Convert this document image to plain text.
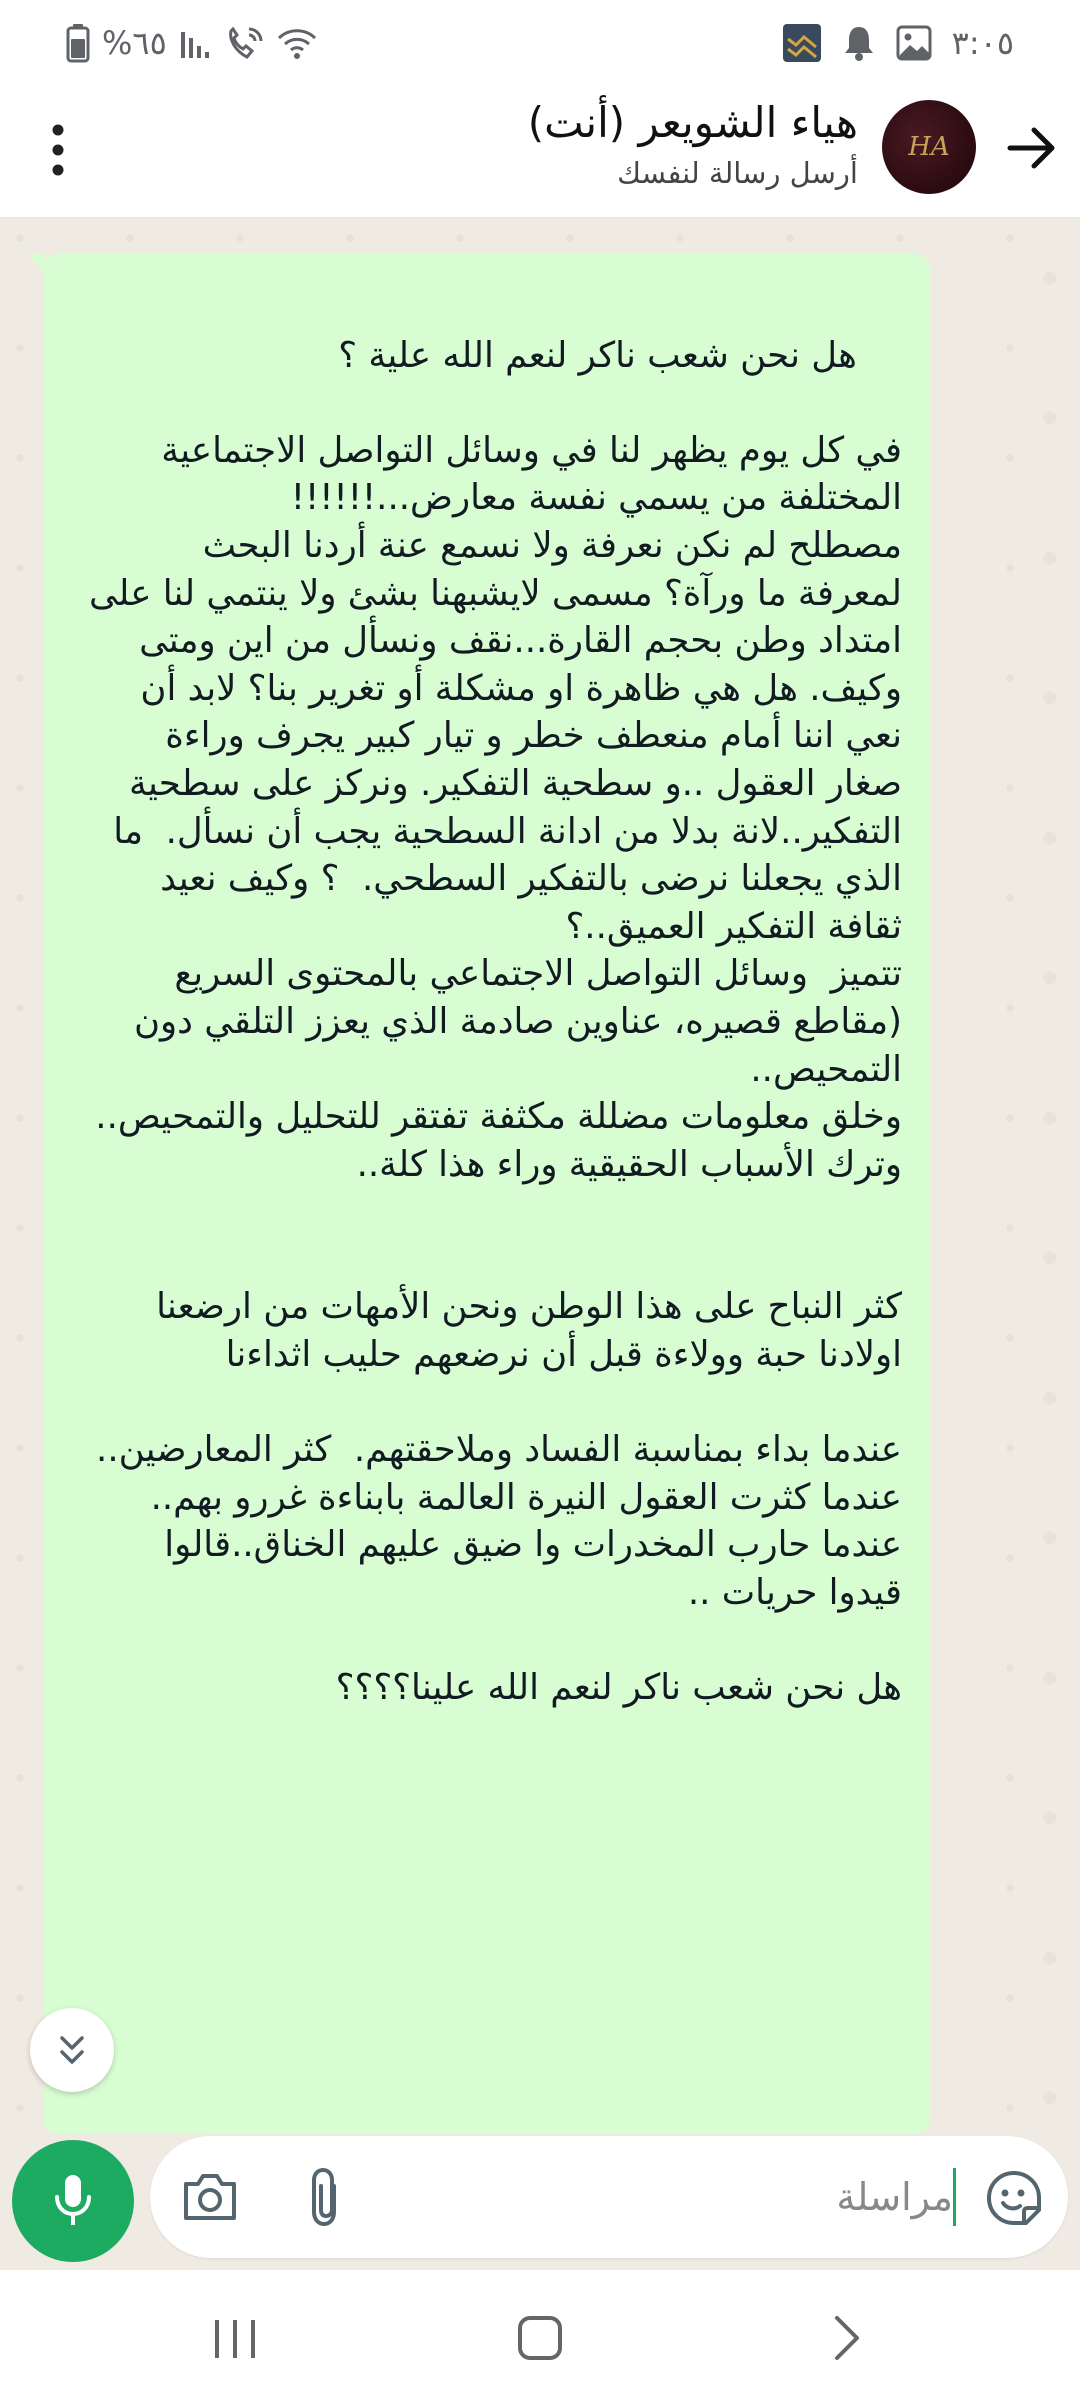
%٦٥	٣:٠٥
HA
هياء الشويعر (أنت)
أرسل رسالة لنفسك

هل نحن شعب ناكر لنعم الله علية ؟

في كل يوم يظهر لنا في وسائل التواصل الاجتماعية المختلفة من يسمي نفسة معارض...!!!!!!
مصطلح لم نكن نعرفة ولا نسمع عنة أردنا البحث لمعرفة ما ورآة؟ مسمى لايشبهنا بشئ ولا ينتمي لنا على امتداد وطن بحجم القارة...نقف ونسأل من اين ومتى وكيف. هل هي ظاهرة او مشكلة أو تغرير بنا؟ لابد أن نعي اننا أمام منعطف خطر و تيار كبير يجرف وراءة صغار العقول ..و سطحية التفكير. ونركز على سطحية التفكير..لانة بدلا من ادانة السطحية يجب أن نسأل.  ما الذي يجعلنا نرضى بالتفكير السطحي.  ؟ وكيف نعيد ثقافة التفكير العميق..؟
تتميز  وسائل التواصل الاجتماعي بالمحتوى السريع (مقاطع قصيره، عناوين صادمة الذي يعزز التلقي دون التمحيص..
وخلق معلومات مضللة مكثفة تفتقر للتحليل والتمحيص..
وترك الأسباب الحقيقية وراء هذا كلة..

كثر النباح على هذا الوطن ونحن الأمهات من ارضعنا اولادنا حبة وولاءة قبل أن نرضعهم حليب اثداءنا

عندما بداء بمناسبة الفساد وملاحقتهم.  كثر المعارضين..
عندما كثرت العقول النيرة العالمة بابناءة غررو بهم..
عندما حارب المخدرات وا ضيق عليهم الخناق..قالوا قيدوا حريات ..

هل نحن شعب ناكر لنعم الله علينا؟؟؟؟

مراسلة
